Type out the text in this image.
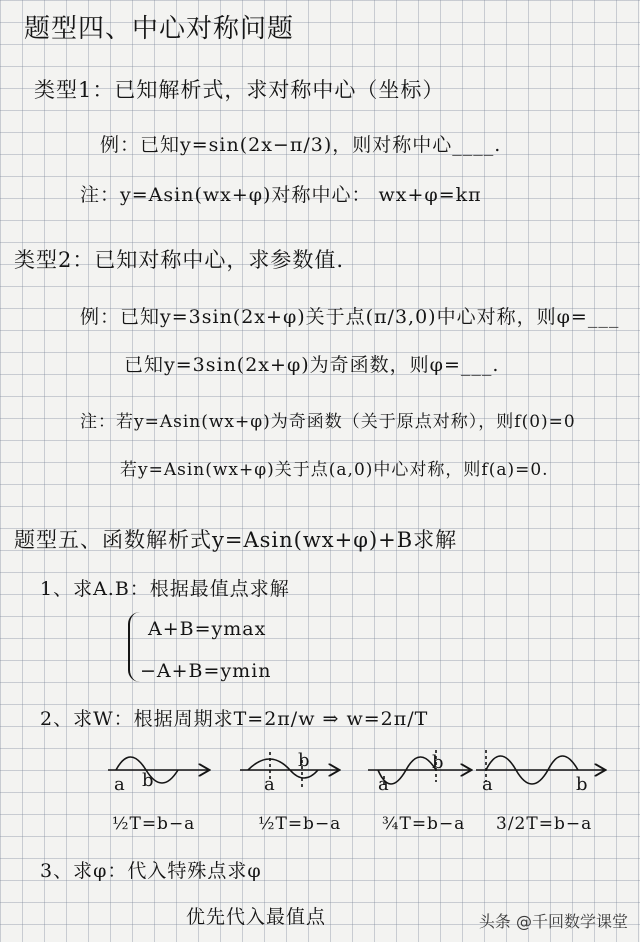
题型四、中心对称问题
类型1：已知解析式，求对称中心（坐标）
例：已知y=sin(2x−π/3)，则对称中心____.
注：y=Asin(wx+φ)对称中心： wx+φ=kπ
类型2：已知对称中心，求参数值.
例：已知y=3sin(2x+φ)关于点(π/3,0)中心对称，则φ=___
已知y=3sin(2x+φ)为奇函数，则φ=___.
注：若y=Asin(wx+φ)为奇函数（关于原点对称），则f(0)=0
若y=Asin(wx+φ)关于点(a,0)中心对称，则f(a)=0.
题型五、函数解析式y=Asin(wx+φ)+B求解
1、求A.B：根据最值点求解
A+B=ymax
−A+B=ymin
2、求W：根据周期求T=2π/w ⇒ w=2π/T
a b	a
b
a
b
a	b
½T=b−a	½T=b−a ¾T=b−a 3/2T=b−a
3、求φ：代入特殊点求φ
优先代入最值点	头条 @千回数学课堂
